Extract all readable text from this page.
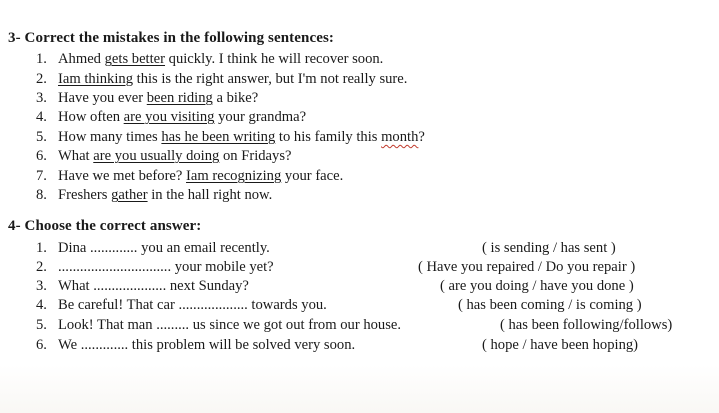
3- Correct the mistakes in the following sentences:
1. Ahmed gets better quickly. I think he will recover soon.
2. Iam thinking this is the right answer, but I'm not really sure.
3. Have you ever been riding a bike?
4. How often are you visiting your grandma?
5. How many times has he been writing to his family this month?
6. What are you usually doing on Fridays?
7. Have we met before? Iam recognizing your face.
8. Freshers gather in the hall right now.
4- Choose the correct answer:
1. Dina ............. you an email recently.	( is sending / has sent )
2. ............................... your mobile yet?	( Have you repaired / Do you repair )
3. What .................... next Sunday?	( are you doing / have you done )
4. Be careful! That car ................... towards you.	( has been coming / is coming )
5. Look! That man ......... us since we got out from our house.	( has been following/follows)
6. We ............. this problem will be solved very soon.	( hope / have been hoping)
